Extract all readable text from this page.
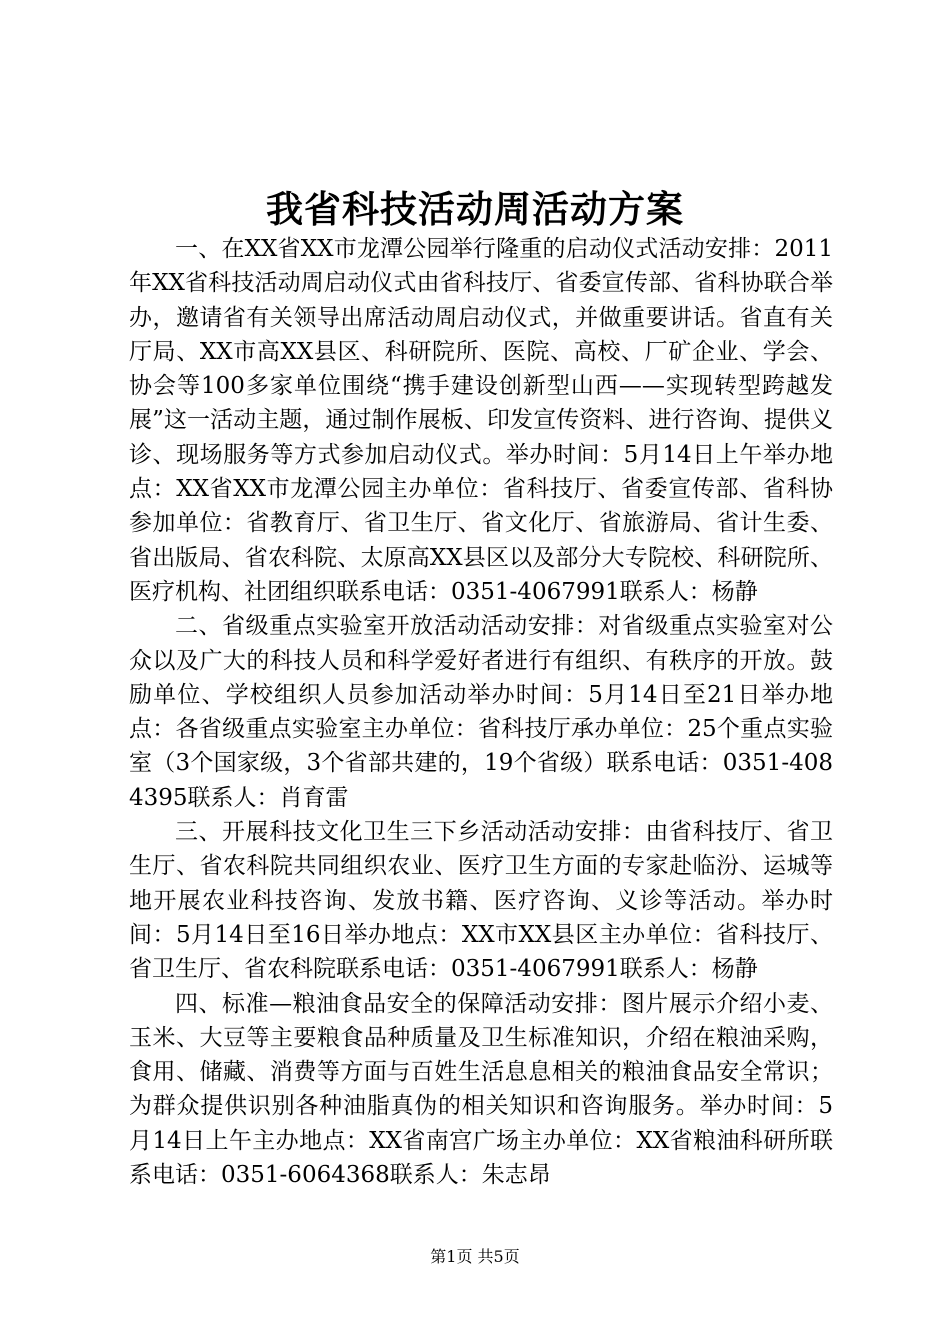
我省科技活动周活动方案

一、在XX省XX市龙潭公园举行隆重的启动仪式活动安排：2011年XX省科技活动周启动仪式由省科技厅、省委宣传部、省科协联合举办，邀请省有关领导出席活动周启动仪式，并做重要讲话。省直有关厅局、XX市高XX县区、科研院所、医院、高校、厂矿企业、学会、协会等100多家单位围绕“携手建设创新型山西——实现转型跨越发展”这一活动主题，通过制作展板、印发宣传资料、进行咨询、提供义诊、现场服务等方式参加启动仪式。举办时间：5月14日上午举办地点：XX省XX市龙潭公园主办单位：省科技厅、省委宣传部、省科协参加单位：省教育厅、省卫生厅、省文化厅、省旅游局、省计生委、省出版局、省农科院、太原高XX县区以及部分大专院校、科研院所、医疗机构、社团组织联系电话：0351-4067991联系人：杨静

二、省级重点实验室开放活动活动安排：对省级重点实验室对公众以及广大的科技人员和科学爱好者进行有组织、有秩序的开放。鼓励单位、学校组织人员参加活动举办时间：5月14日至21日举办地点：各省级重点实验室主办单位：省科技厅承办单位：25个重点实验室（3个国家级，3个省部共建的，19个省级）联系电话：0351-4084395联系人：肖育雷

三、开展科技文化卫生三下乡活动活动安排：由省科技厅、省卫生厅、省农科院共同组织农业、医疗卫生方面的专家赴临汾、运城等地开展农业科技咨询、发放书籍、医疗咨询、义诊等活动。举办时间：5月14日至16日举办地点：XX市XX县区主办单位：省科技厅、省卫生厅、省农科院联系电话：0351-4067991联系人：杨静

四、标准—粮油食品安全的保障活动安排：图片展示介绍小麦、玉米、大豆等主要粮食品种质量及卫生标准知识，介绍在粮油采购，食用、储藏、消费等方面与百姓生活息息相关的粮油食品安全常识；为群众提供识别各种油脂真伪的相关知识和咨询服务。举办时间：5月14日上午主办地点：XX省南宫广场主办单位：XX省粮油科研所联系电话：0351-6064368联系人：朱志昂

第1页 共5页
